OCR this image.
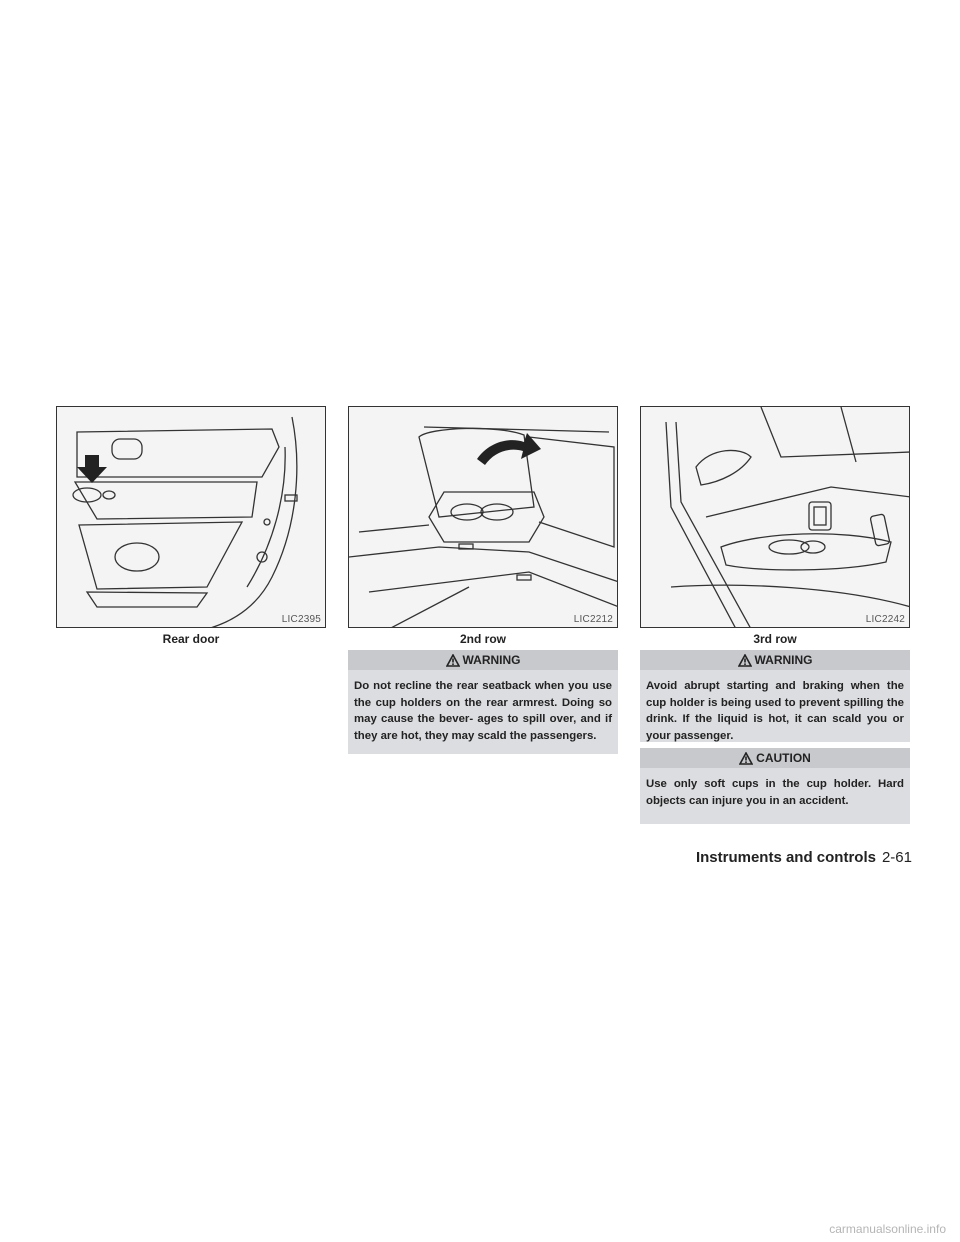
LIC2395
Rear door
LIC2212
2nd row
LIC2242
3rd row
WARNING
Do not recline the rear seatback when you use the cup holders on the rear armrest. Doing so may cause the bever- ages to spill over, and if they are hot, they may scald the passengers.
WARNING
Avoid abrupt starting and braking when the cup holder is being used to prevent spilling the drink. If the liquid is hot, it can scald you or your passenger.
CAUTION
Use only soft cups in the cup holder. Hard objects can injure you in an accident.
Instruments and controls 2-61
carmanualsonline.info
